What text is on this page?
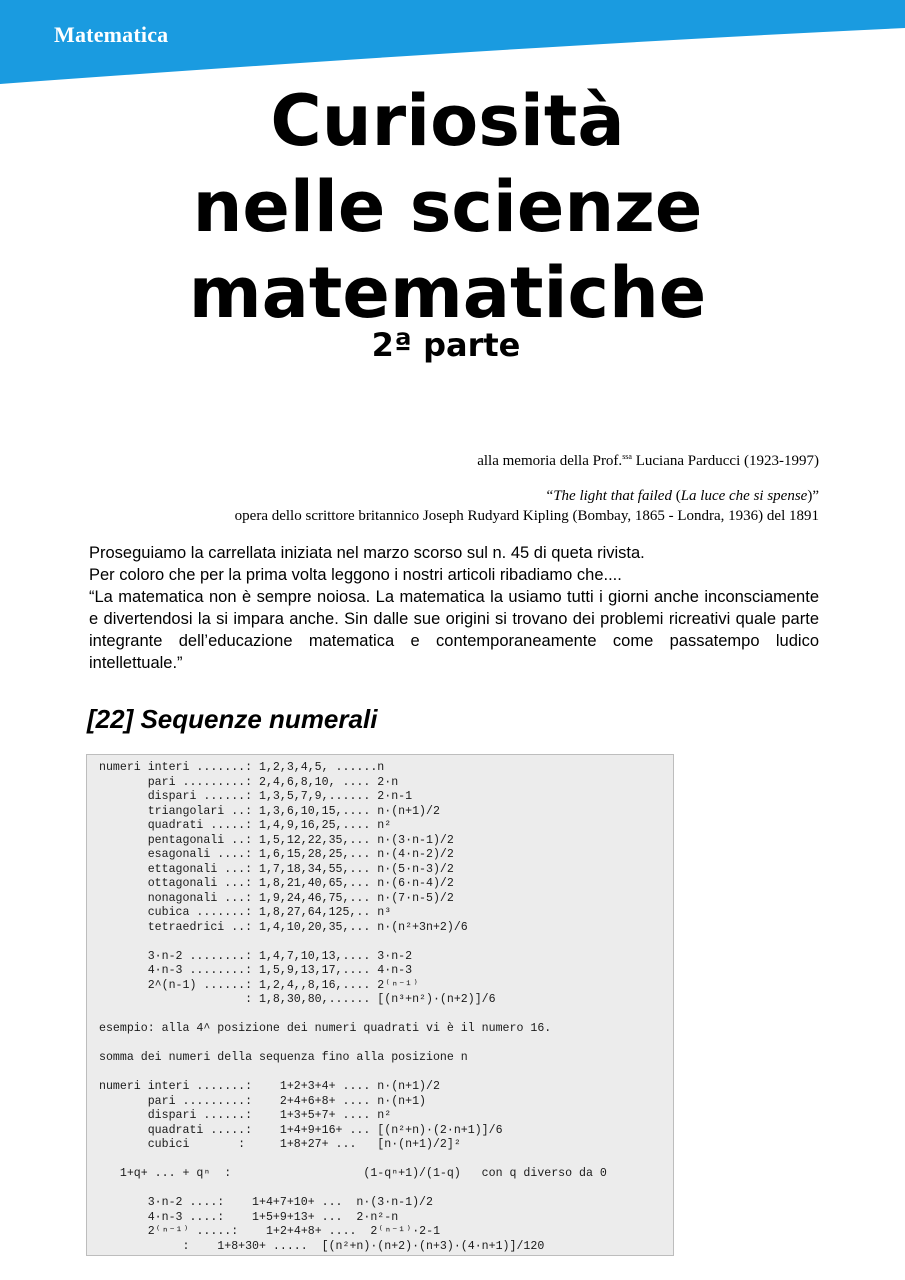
Matematica
Curiosità
nelle scienze
matematiche
2ª parte
alla memoria della Prof.$^{ssa}$ Luciana Parducci (1923-1997)
“The light that failed (La luce che si spense)”
opera dello scrittore britannico Joseph Rudyard Kipling (Bombay, 1865 - Londra, 1936) del 1891

Proseguiamo la carrellata iniziata nel marzo scorso sul n. 45 di queta rivista.

Per coloro che per la prima volta leggono i nostri articoli ribadiamo che....

“La matematica non è sempre noiosa. La matematica la usiamo tutti i giorni anche inconsciamente e divertendosi la si impara anche. Sin dalle sue origini si trovano dei problemi ricreativi quale parte integrante dell’educazione matematica e contemporaneamente come passatempo ludico intellettuale.”

[22] Sequenze numerali
numeri interi .......: 1,2,3,4,5, ......n
pari .........: 2,4,6,8,10, .... 2·n
dispari ......: 1,3,5,7,9,...... 2·n-1
triangolari ..: 1,3,6,10,15,.... n·(n+1)/2
quadrati .....: 1,4,9,16,25,.... n²
pentagonali ..: 1,5,12,22,35,... n·(3·n-1)/2
esagonali ....: 1,6,15,28,25,... n·(4·n-2)/2
ettagonali ...: 1,7,18,34,55,... n·(5·n-3)/2
ottagonali ...: 1,8,21,40,65,... n·(6·n-4)/2
nonagonali ...: 1,9,24,46,75,... n·(7·n-5)/2
cubica .......: 1,8,27,64,125,.. n³
tetraedrici ..: 1,4,10,20,35,... n·(n²+3n+2)/6
3·n-2 ........: 1,4,7,10,13,.... 3·n-2
4·n-3 ........: 1,5,9,13,17,.... 4·n-3
2^(n-1) ......: 1,2,4,,8,16,.... 2⁽ⁿ⁻¹⁾
: 1,8,30,80,...... [(n³+n²)·(n+2)]/6
esempio: alla 4^ posizione dei numeri quadrati vi è il numero 16.
somma dei numeri della sequenza fino alla posizione n
numeri interi .......:    1+2+3+4+ .... n·(n+1)/2
pari .........:    2+4+6+8+ .... n·(n+1)
dispari ......:    1+3+5+7+ .... n²
quadrati .....:    1+4+9+16+ ... [(n²+n)·(2·n+1)]/6
cubici       :     1+8+27+ ...   [n·(n+1)/2]²
1+q+ ... + qⁿ  :                   (1-qⁿ+1)/(1-q)   con q diverso da 0
3·n-2 ....:    1+4+7+10+ ...  n·(3·n-1)/2
4·n-3 ....:    1+5+9+13+ ...  2·n²-n
2⁽ⁿ⁻¹⁾ .....:    1+2+4+8+ ....  2⁽ⁿ⁻¹⁾·2-1
:    1+8+30+ .....  [(n²+n)·(n+2)·(n+3)·(4·n+1)]/120
